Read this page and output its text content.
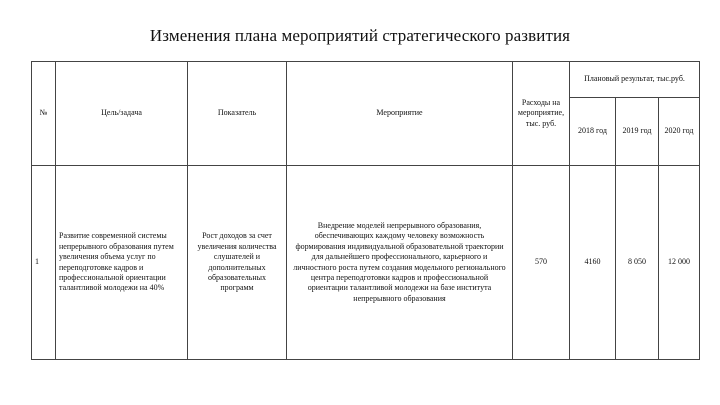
Изменения плана мероприятий стратегического развития
№	Цель/задача	Показатель	Мероприятие	Расходы на мероприятие, тыс. руб.	Плановый результат, тыс.руб.		
					2018 год	2019 год	2020 год
1	Развитие современной системы непрерывного образования путем увеличения объема услуг по переподготовке кадров и профессиональной ориентации талантливой молодежи на 40%	Рост доходов за счет увеличения количества слушателей и дополнительных образовательных программ	Внедрение моделей непрерывного образования, обеспечивающих каждому человеку возможность формирования индивидуальной образовательной траектории для дальнейшего профессионального, карьерного и личностного роста путем создания модельного регионального центра переподготовки кадров и профессиональной ориентации талантливой молодежи на базе института непрерывного образования	570	4160	8 050	12 000
